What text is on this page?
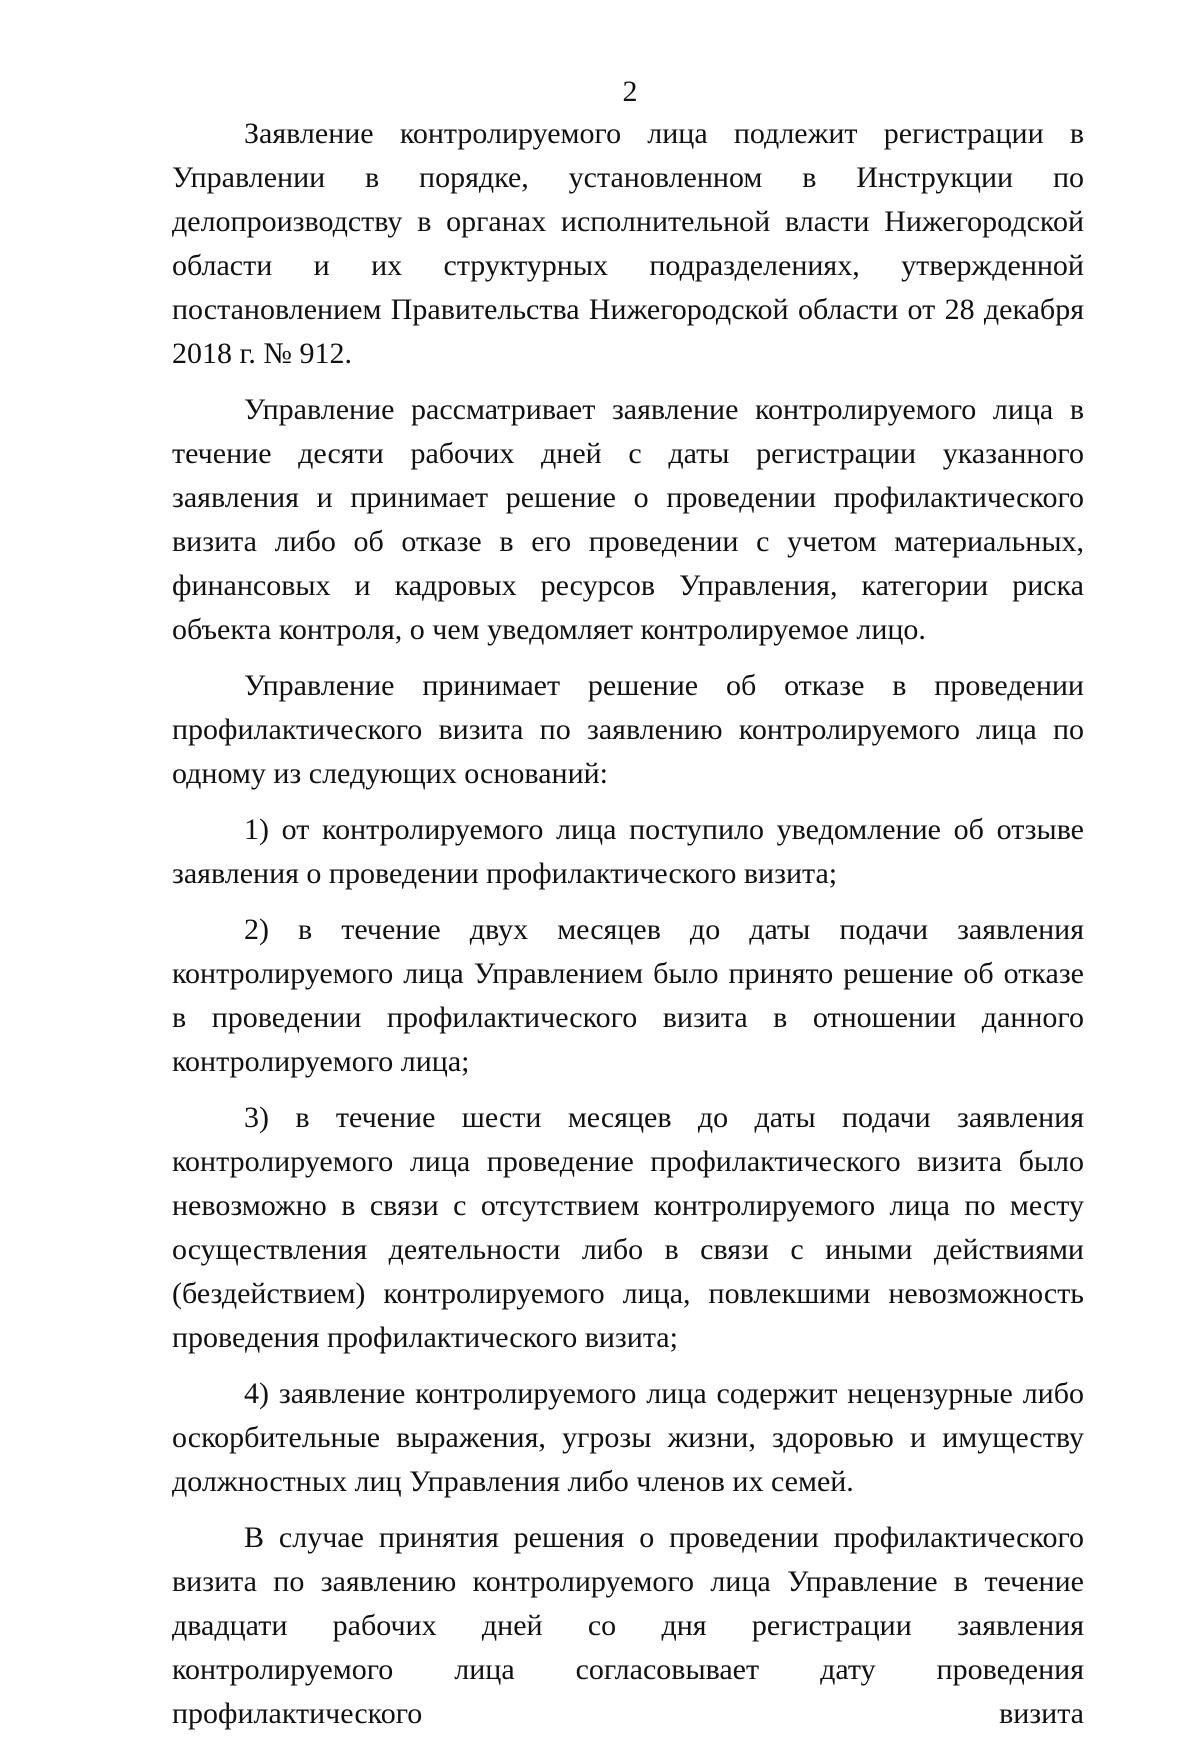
2

Заявление контролируемого лица подлежит регистрации в Управлении в порядке, установленном в Инструкции по делопроизводству в органах исполнительной власти Нижегородской области и их структурных подразделениях, утвержденной постановлением Правительства Нижегородской области от 28 декабря 2018 г. № 912.

Управление рассматривает заявление контролируемого лица в течение десяти рабочих дней с даты регистрации указанного заявления и принимает решение о проведении профилактического визита либо об отказе в его проведении с учетом материальных, финансовых и кадровых ресурсов Управления, категории риска объекта контроля, о чем уведомляет контролируемое лицо.

Управление принимает решение об отказе в проведении профилактического визита по заявлению контролируемого лица по одному из следующих оснований:

1) от контролируемого лица поступило уведомление об отзыве заявления о проведении профилактического визита;

2) в течение двух месяцев до даты подачи заявления контролируемого лица Управлением было принято решение об отказе в проведении профилактического визита в отношении данного контролируемого лица;

3) в течение шести месяцев до даты подачи заявления контролируемого лица проведение профилактического визита было невозможно в связи с отсутствием контролируемого лица по месту осуществления деятельности либо в связи с иными действиями (бездействием) контролируемого лица, повлекшими невозможность проведения профилактического визита;

4) заявление контролируемого лица содержит нецензурные либо оскорбительные выражения, угрозы жизни, здоровью и имуществу должностных лиц Управления либо членов их семей.

В случае принятия решения о проведении профилактического визита по заявлению контролируемого лица Управление в течение двадцати рабочих дней со дня регистрации заявления контролируемого лица согласовывает дату проведения профилактического визита
